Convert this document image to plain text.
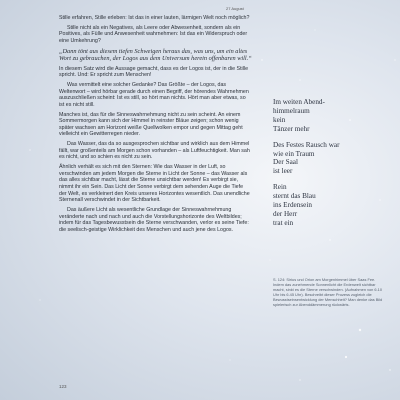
27 August

Stille erfahren, Stille erleben: Ist das in einer lauten, lärmigen Welt noch möglich?

Stille nicht als ein Negatives, als Leere oder Abwesenheit, sondern als ein Positives, als Fülle und Anwesenheit wahrnehmen: Ist das ein Widerspruch oder eine Umkehrung?

„Dann tönt aus diesem tiefen Schweigen heraus das, was uns, um ein altes Wort zu gebrauchen, der Logos aus dem Universum herein offenbaren will.“

In diesem Satz wird die Aussage gemacht, dass es der Logos ist, der in die Stille spricht. Und: Er spricht zum Menschen!

Was vermittelt eine solcher Gedanke? Das Größte – der Logos, das Weltenwort – wird hörbar gerade durch einen Begriff, der hörendes Wahrnehmen auszuschließen scheint: Ist es still, so hört man nichts. Hört man aber etwas, so ist es nicht still.

Manches ist, das für die Sinneswahrnehmung nicht zu sein scheint. An einem Sommermorgen kann sich der Himmel in reinster Bläue zeigen; schon wenig später wachsen am Horizont weiße Quellwolken empor und gegen Mittag geht vielleicht ein Gewitterregen nieder.

Das Wasser, das da so ausgesprochen sichtbar und wirklich aus dem Himmel fällt, war großenteils am Morgen schon vorhanden – als Luftfeuchtigkeit. Man sah es nicht, und so schien es nicht zu sein.

Ähnlich verhält es sich mit den Sternen: Wie das Wasser in der Luft, so verschwinden am jedem Morgen die Sterne in Licht der Sonne – das Wasser als das alles sichtbar macht, lässt die Sterne unsichtbar werden! Es verbirgt sie, nimmt ihr ein Sein. Das Licht der Sonne verbirgt dem sehenden Auge die Tiefe der Welt, es verkleinert den Kreis unseres Horizontes wesentlich. Das unendliche Sternenall verschwindet in der Sichtbarkeit.

Das äußere Licht als wesentliche Grundlage der Sinneswahrnehmung veränderte nach und nach und auch die Vorstellungshorizonte des Weltbildes; indem für das Tagesbewusstsein die Sterne verschwanden, verlor es seine Tiefe: die seelisch-geistige Wirklichkeit des Menschen und auch jene des Logos.

Im weiten Abend-
himmelraum
kein
Tänzer mehr
Des Festes Rausch war
wie ein Traum
Der Saal
ist leer
Rein
sternt das Blau
ins Erdensein
der Herr
trat ein
S. 124: Sirius und Orion am Morgenhimmel über Saas Fee. Indem das zunehmende Sonnenlicht die Erdenwelt sichtbar macht, sinkt es die Sterne verschwinden. (Aufnahmen von 6.10 Uhr bis 6.45 Uhr). Beschreibt dieser Prozess zugleich die Bewusstseinsentwicklung der Menschheit? Man denke das Bild spielerisch zur Abenddämmerung rückwärts.
123
